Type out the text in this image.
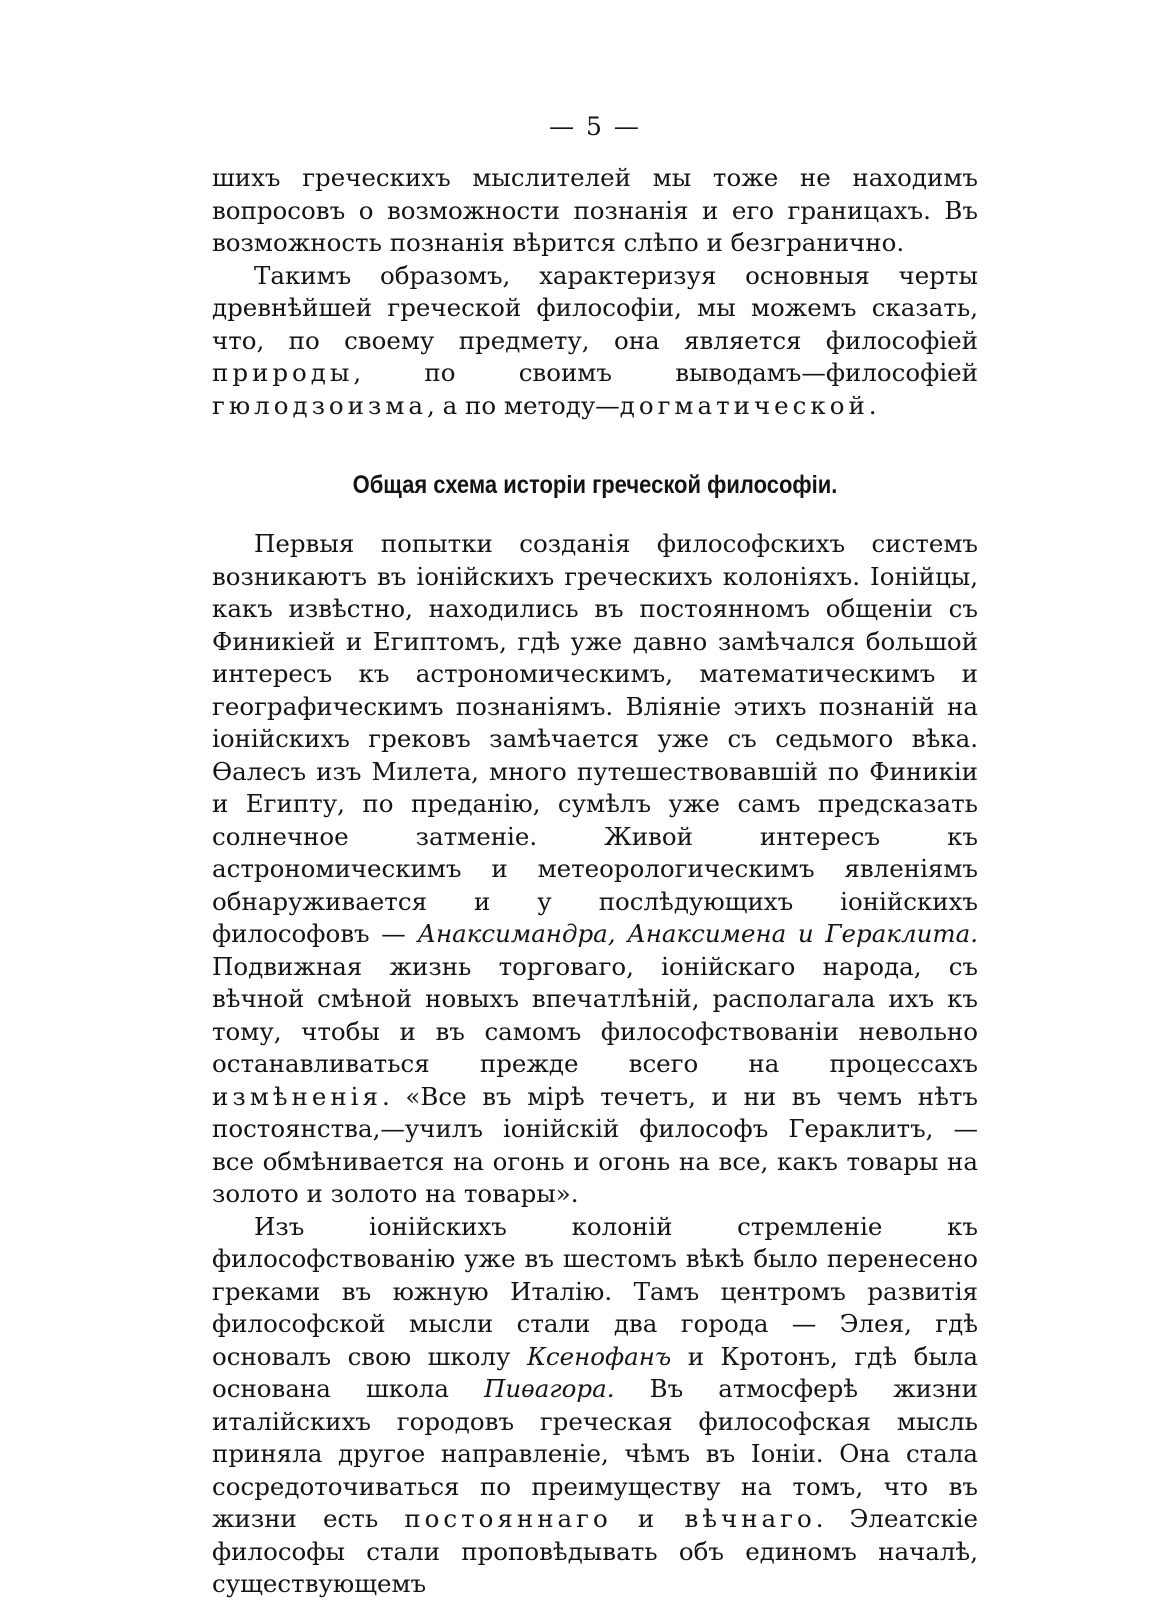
— 5 —

шихъ греческихъ мыслителей мы тоже не находимъ вопросовъ о возможности познанія и его границахъ. Въ возможность познанія вѣрится слѣпо и безгранично.

Такимъ образомъ, характеризуя основныя черты древнѣйшей греческой философіи, мы можемъ сказать, что, по своему предмету, она является философіей природы, по своимъ выводамъ—философіей гюлодзоизма, а по методу—догматической.

Общая схема исторіи греческой философіи.

Первыя попытки созданія философскихъ системъ возникаютъ въ іонійскихъ греческихъ колоніяхъ. Іонійцы, какъ извѣстно, находились въ постоянномъ общеніи съ Финикіей и Египтомъ, гдѣ уже давно замѣчался большой интересъ къ астрономическимъ, математическимъ и географическимъ познаніямъ. Вліяніе этихъ познаній на іонійскихъ грековъ замѣчается уже съ седьмого вѣка. Ѳалесъ изъ Милета, много путешествовавшій по Финикіи и Египту, по преданію, сумѣлъ уже самъ предсказать солнечное затменіе. Живой интересъ къ астрономическимъ и метеорологическимъ явленіямъ обнаруживается и у послѣдующихъ іонійскихъ философовъ — Анаксимандра, Анаксимена и Гераклита. Подвижная жизнь торговаго, іонійскаго народа, съ вѣчной смѣной новыхъ впечатлѣній, располагала ихъ къ тому, чтобы и въ самомъ философствованіи невольно останавливаться прежде всего на процессахъ измѣненія. «Все въ мірѣ течетъ, и ни въ чемъ нѣтъ постоянства,—училъ іонійскій философъ Гераклитъ, — все обмѣнивается на огонь и огонь на все, какъ товары на золото и золото на товары».

Изъ іонійскихъ колоній стремленіе къ философствованію уже въ шестомъ вѣкѣ было перенесено греками въ южную Италію. Тамъ центромъ развитія философской мысли стали два города — Элея, гдѣ основалъ свою школу Ксенофанъ и Кротонъ, гдѣ была основана школа Пиѳагора. Въ атмосферѣ жизни италійскихъ городовъ греческая философская мысль приняла другое направленіе, чѣмъ въ Іоніи. Она стала сосредоточиваться по преимуществу на томъ, что въ жизни есть постояннаго и вѣчнаго. Элеатскіе философы стали проповѣдывать объ единомъ началѣ, существующемъ
